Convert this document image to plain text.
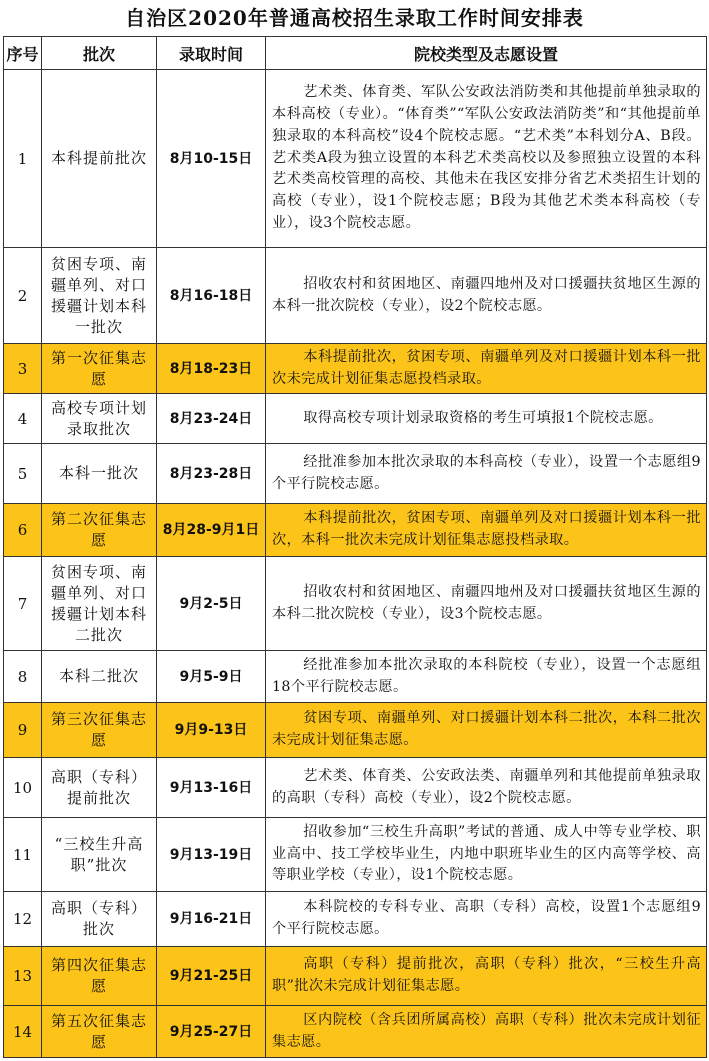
自治区2020年普通高校招生录取工作时间安排表
序号	批次	录取时间	院校类型及志愿设置
1	本科提前批次	8月10-15日	艺术类、体育类、军队公安政法消防类和其他提前单独录取的本科高校（专业）。“体育类”“军队公安政法消防类”和“其他提前单独录取的本科高校”设4个院校志愿。“艺术类”本科划分A、B段。艺术类A段为独立设置的本科艺术类高校以及参照独立设置的本科艺术类高校管理的高校、其他未在我区安排分省艺术类招生计划的高校（专业），设1个院校志愿；B段为其他艺术类本科高校（专业），设3个院校志愿。
2	贫困专项、南疆单列、对口援疆计划本科一批次	8月16-18日	招收农村和贫困地区、南疆四地州及对口援疆扶贫地区生源的本科一批次院校（专业），设2个院校志愿。
3	第一次征集志愿	8月18-23日	本科提前批次，贫困专项、南疆单列及对口援疆计划本科一批次未完成计划征集志愿投档录取。
4	高校专项计划录取批次	8月23-24日	取得高校专项计划录取资格的考生可填报1个院校志愿。
5	本科一批次	8月23-28日	经批准参加本批次录取的本科高校（专业），设置一个志愿组9个平行院校志愿。
6	第二次征集志愿	8月28-9月1日	本科提前批次，贫困专项、南疆单列及对口援疆计划本科一批次，本科一批次未完成计划征集志愿投档录取。
7	贫困专项、南疆单列、对口援疆计划本科二批次	9月2-5日	招收农村和贫困地区、南疆四地州及对口援疆扶贫地区生源的本科二批次院校（专业），设3个院校志愿。
8	本科二批次	9月5-9日	经批准参加本批次录取的本科院校（专业），设置一个志愿组18个平行院校志愿。
9	第三次征集志愿	9月9-13日	贫困专项、南疆单列、对口援疆计划本科二批次，本科二批次未完成计划征集志愿。
10	高职（专科）提前批次	9月13-16日	艺术类、体育类、公安政法类、南疆单列和其他提前单独录取的高职（专科）高校（专业），设2个院校志愿。
11	“三校生升高职”批次	9月13-19日	招收参加“三校生升高职”考试的普通、成人中等专业学校、职业高中、技工学校毕业生，内地中职班毕业生的区内高等学校、高等职业学校（专业），设1个院校志愿。
12	高职（专科）批次	9月16-21日	本科院校的专科专业、高职（专科）高校，设置1个志愿组9个平行院校志愿。
13	第四次征集志愿	9月21-25日	高职（专科）提前批次，高职（专科）批次，“三校生升高职”批次未完成计划征集志愿。
14	第五次征集志愿	9月25-27日	区内院校（含兵团所属高校）高职（专科）批次未完成计划征集志愿。
